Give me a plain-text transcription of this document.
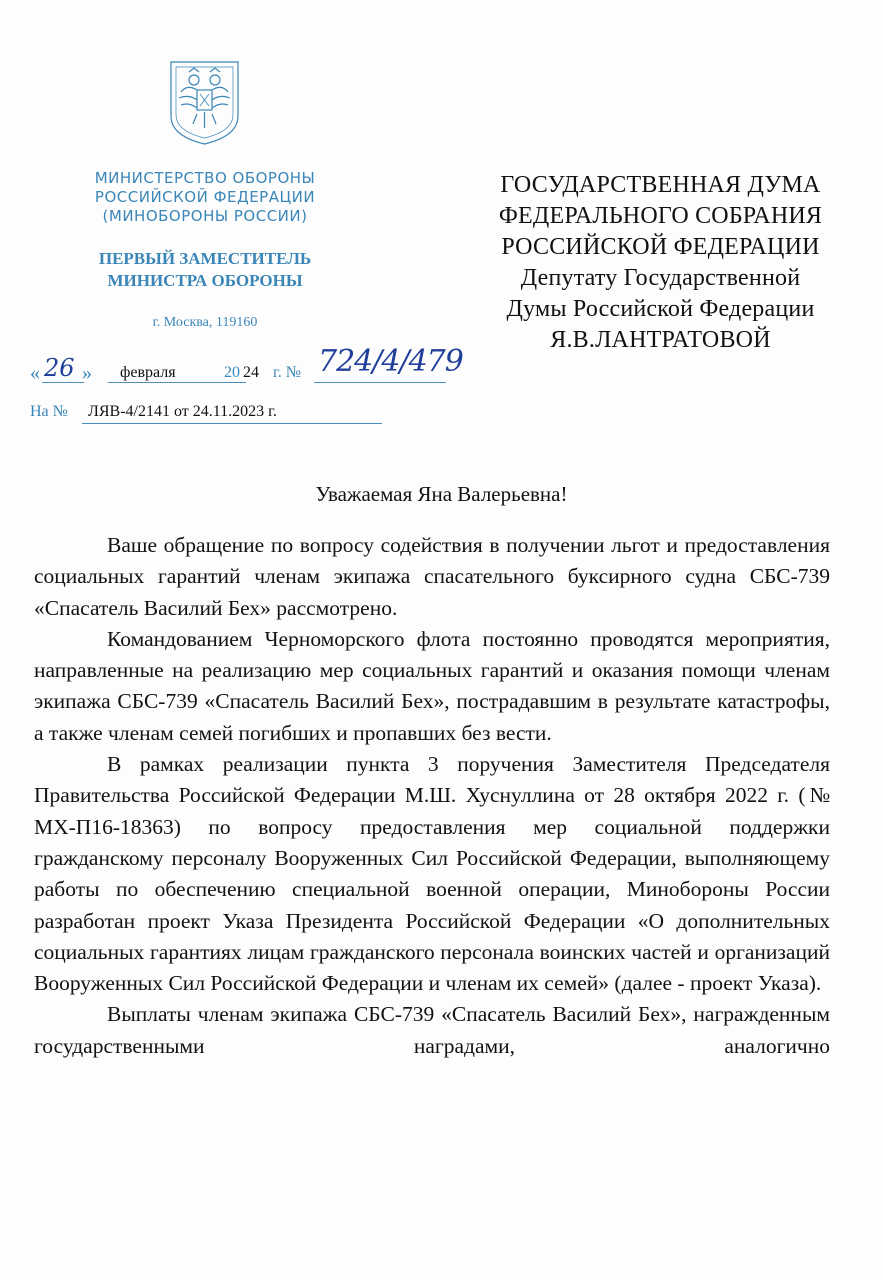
МИНИСТЕРСТВО ОБОРОНЫ
РОССИЙСКОЙ ФЕДЕРАЦИИ
(МИНОБОРОНЫ РОССИИ)
ПЕРВЫЙ ЗАМЕСТИТЕЛЬ
МИНИСТРА ОБОРОНЫ
г. Москва, 119160
ГОСУДАРСТВЕННАЯ ДУМА
ФЕДЕРАЛЬНОГО СОБРАНИЯ
РОССИЙСКОЙ ФЕДЕРАЦИИ
Депутату Государственной
Думы Российской Федерации
Я.В.ЛАНТРАТОВОЙ
« 26 » февраля	20 24 г. № 724/4/479
На № ЛЯВ-4/2141 от 24.11.2023 г.
Уважаемая Яна Валерьевна!

Ваше обращение по вопросу содействия в получении льгот и предоставления социальных гарантий членам экипажа спасательного буксирного судна СБС-739 «Спасатель Василий Бех» рассмотрено.

Командованием Черноморского флота постоянно проводятся мероприятия, направленные на реализацию мер социальных гарантий и оказания помощи членам экипажа СБС-739 «Спасатель Василий Бех», пострадавшим в результате катастрофы, а также членам семей погибших и пропавших без вести.

В рамках реализации пункта 3 поручения Заместителя Председателя Правительства Российской Федерации М.Ш. Хуснуллина от 28 октября 2022 г. (№ МХ-П16-18363) по вопросу предоставления мер социальной поддержки гражданскому персоналу Вооруженных Сил Российской Федерации, выполняющему работы по обеспечению специальной военной операции, Минобороны России разработан проект Указа Президента Российской Федерации «О дополнительных социальных гарантиях лицам гражданского персонала воинских частей и организаций Вооруженных Сил Российской Федерации и членам их семей» (далее - проект Указа).

Выплаты членам экипажа СБС-739 «Спасатель Василий Бех», награжденным государственными наградами, аналогично
